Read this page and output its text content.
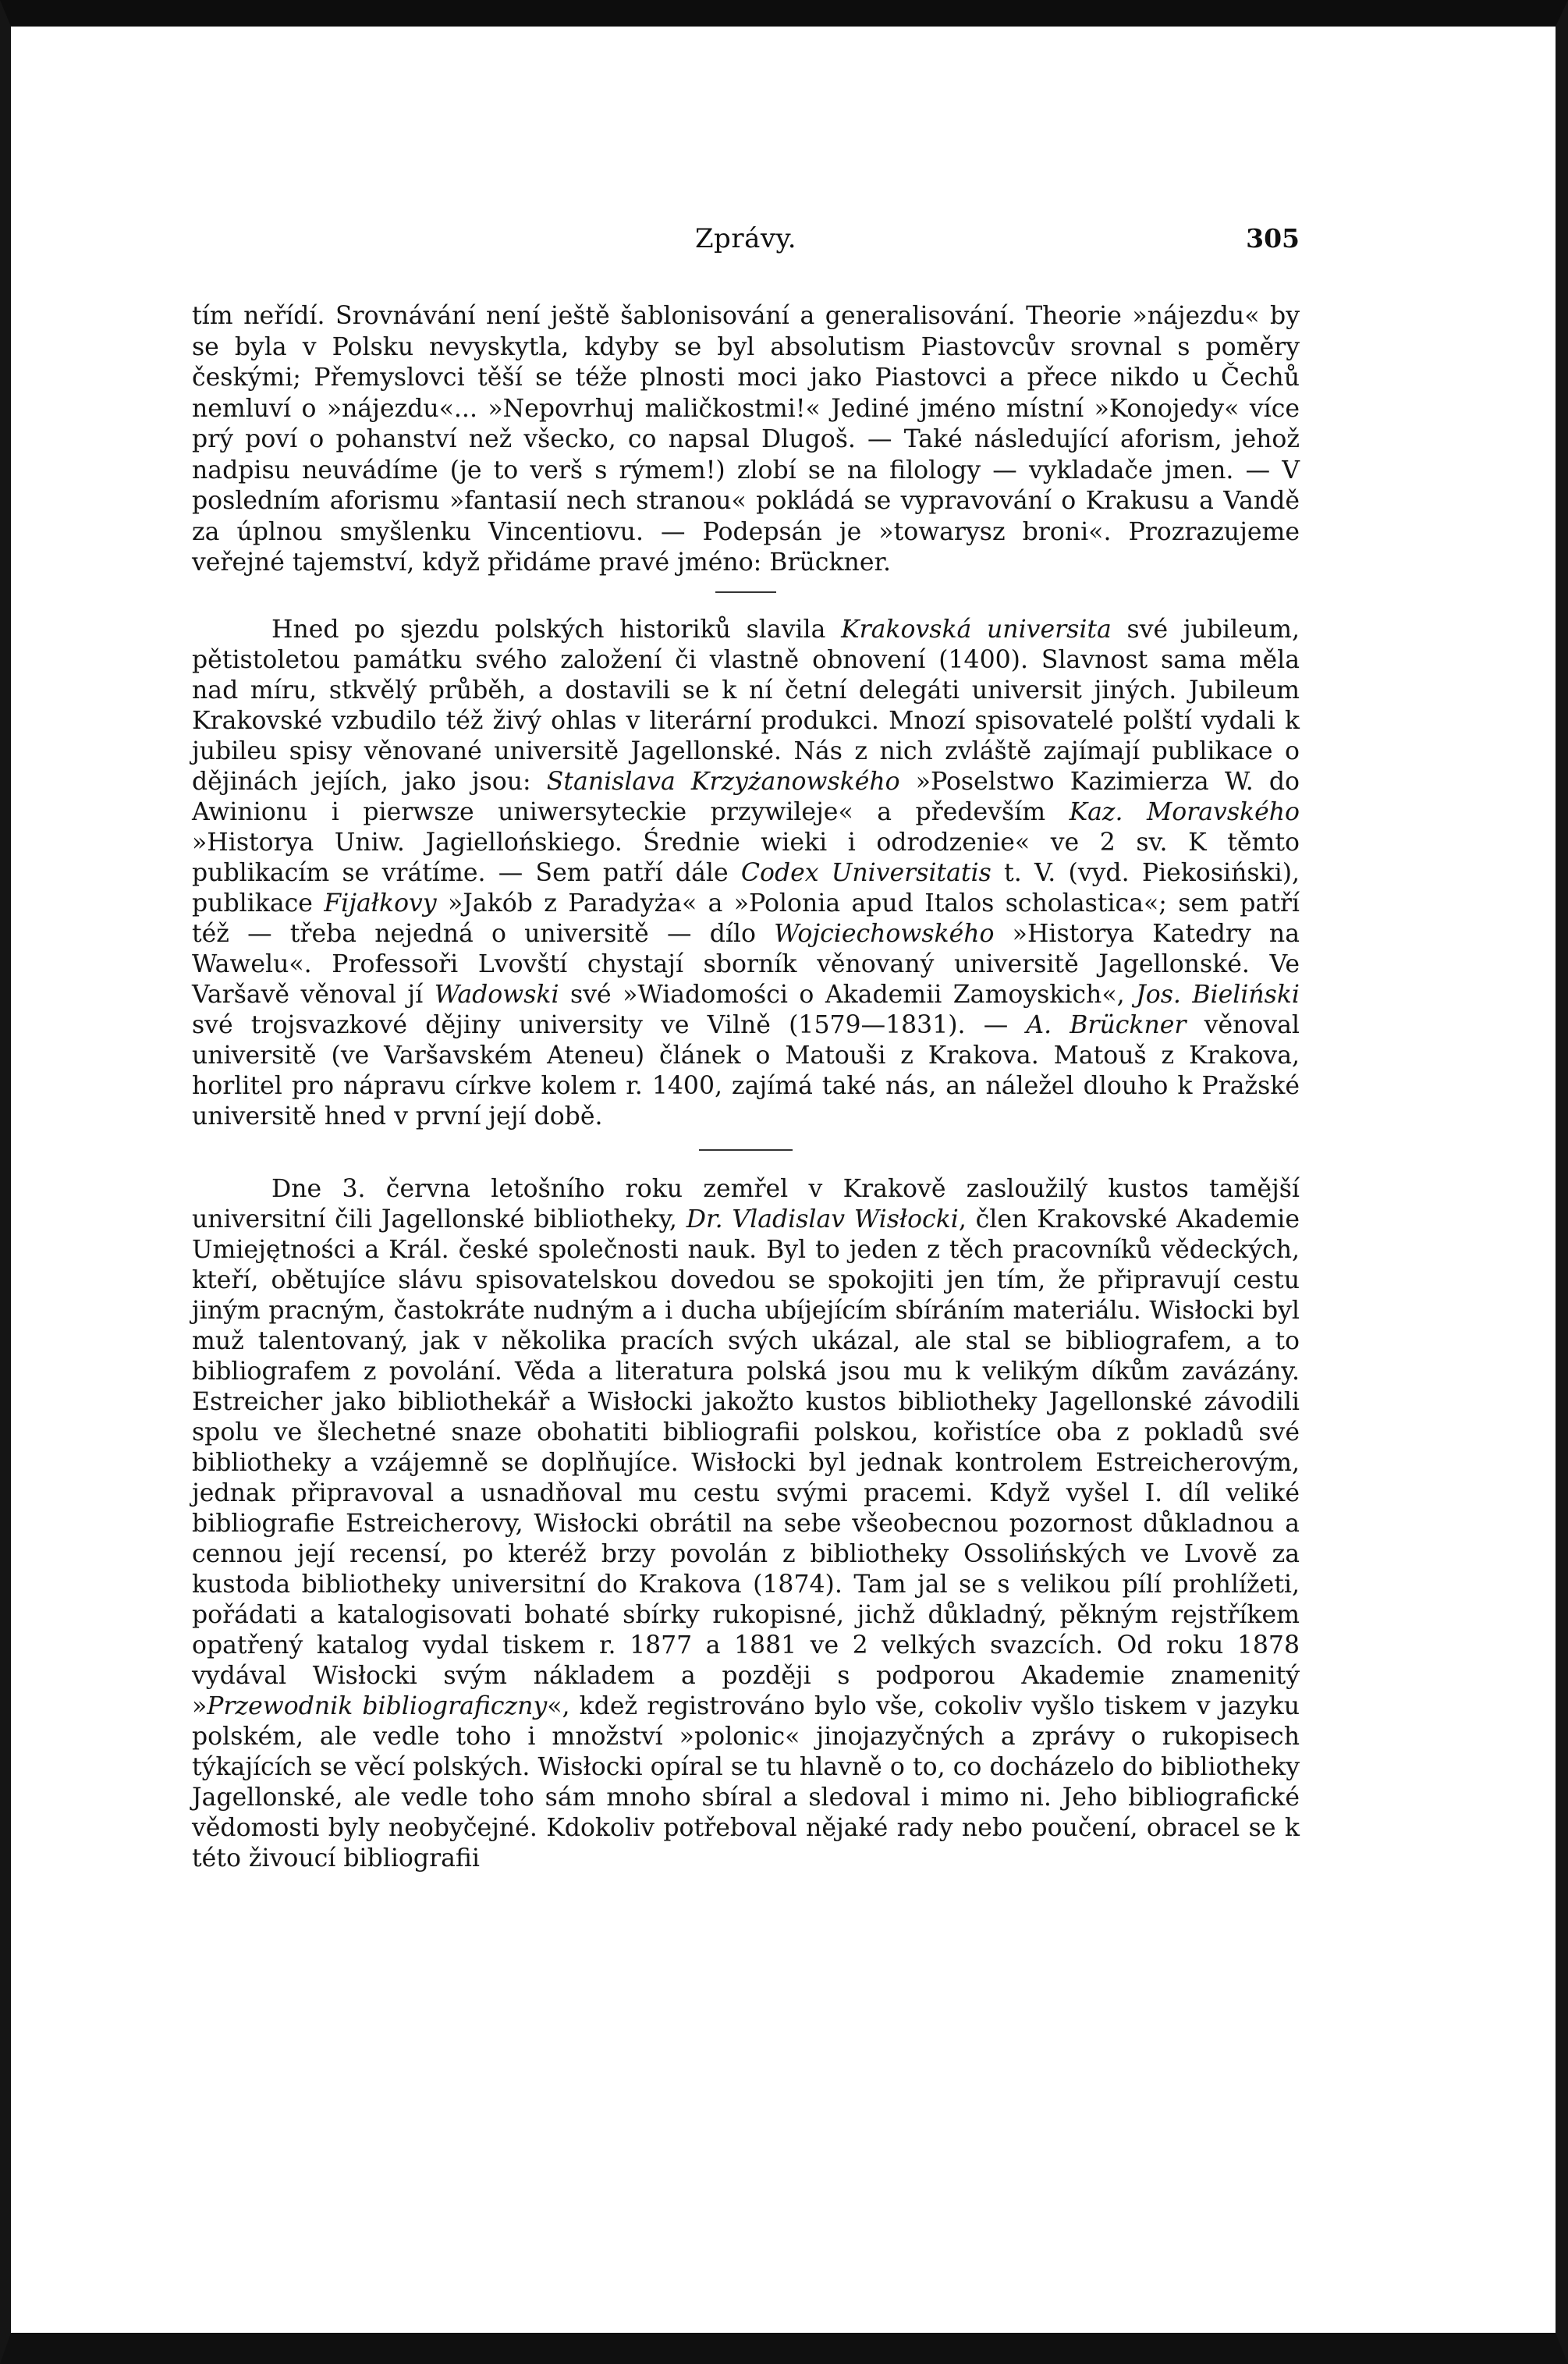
Zprávy.	305

tím neřídí. Srovnávání není ještě šablonisování a generalisování. Theorie »nájezdu« by se byla v Polsku nevyskytla, kdyby se byl absolutism Piastovcův srovnal s poměry českými; Přemyslovci těší se téže plnosti moci jako Piastovci a přece nikdo u Čechů nemluví o »nájezdu«... »Nepovrhuj maličkostmi!« Jediné jméno místní »Konojedy« více prý poví o pohanství než všecko, co napsal Dlugoš. — Také následující aforism, jehož nadpisu neuvádíme (je to verš s rýmem!) zlobí se na filology — vykladače jmen. — V posledním aforismu »fantasií nech stranou« pokládá se vypravování o Krakusu a Vandě za úplnou smyšlenku Vincentiovu. — Podepsán je »towarysz broni«. Prozrazujeme veřejné tajemství, když přidáme pravé jméno: Brückner.

Hned po sjezdu polských historiků slavila Krakovská universita své jubileum, pětistoletou památku svého založení či vlastně obnovení (1400). Slavnost sama měla nad míru, stkvělý průběh, a dostavili se k ní četní delegáti universit jiných. Jubileum Krakovské vzbudilo též živý ohlas v literární produkci. Mnozí spisovatelé polští vydali k jubileu spisy věnované universitě Jagellonské. Nás z nich zvláště zajímají publikace o dějinách jejích, jako jsou: Stanislava Krzyżanowského »Poselstwo Kazimierza W. do Awinionu i pierwsze uniwersyteckie przywileje« a především Kaz. Moravského »Historya Uniw. Jagiellońskiego. Średnie wieki i odrodzenie« ve 2 sv. K těmto publikacím se vrátíme. — Sem patří dále Codex Universitatis t. V. (vyd. Piekosiński), publikace Fijałkovy »Jakób z Paradyża« a »Polonia apud Italos scholastica«; sem patří též — třeba nejedná o universitě — dílo Wojciechowského »Historya Katedry na Wawelu«. Professoři Lvovští chystají sborník věnovaný universitě Jagellonské. Ve Varšavě věnoval jí Wadowski své »Wiadomości o Akademii Zamoyskich«, Jos. Bieliński své trojsvazkové dějiny university ve Vilně (1579—1831). — A. Brückner věnoval universitě (ve Varšavském Ateneu) článek o Matouši z Krakova. Matouš z Krakova, horlitel pro nápravu církve kolem r. 1400, zajímá také nás, an náležel dlouho k Pražské universitě hned v první její době.

Dne 3. června letošního roku zemřel v Krakově zasloužilý kustos tamější universitní čili Jagellonské bibliotheky, Dr. Vladislav Wisłocki, člen Krakovské Akademie Umiejętności a Král. české společnosti nauk. Byl to jeden z těch pracovníků vědeckých, kteří, obětujíce slávu spisovatelskou dovedou se spokojiti jen tím, že připravují cestu jiným pracným, častokráte nudným a i ducha ubíjejícím sbíráním materiálu. Wisłocki byl muž talentovaný, jak v několika pracích svých ukázal, ale stal se bibliografem, a to bibliografem z povolání. Věda a literatura polská jsou mu k velikým díkům zavázány. Estreicher jako bibliothekář a Wisłocki jakožto kustos bibliotheky Jagellonské závodili spolu ve šlechetné snaze obohatiti bibliografii polskou, kořistíce oba z pokladů své bibliotheky a vzájemně se doplňujíce. Wisłocki byl jednak kontrolem Estreicherovým, jednak připravoval a usnadňoval mu cestu svými pracemi. Když vyšel I. díl veliké bibliografie Estreicherovy, Wisłocki obrátil na sebe všeobecnou pozornost důkladnou a cennou její recensí, po kteréž brzy povolán z bibliotheky Ossolińských ve Lvově za kustoda bibliotheky universitní do Krakova (1874). Tam jal se s velikou pílí prohlížeti, pořádati a katalogisovati bohaté sbírky rukopisné, jichž důkladný, pěkným rejstříkem opatřený katalog vydal tiskem r. 1877 a 1881 ve 2 velkých svazcích. Od roku 1878 vydával Wisłocki svým nákladem a později s podporou Akademie znamenitý »Przewodnik bibliograficzny«, kdež registrováno bylo vše, cokoliv vyšlo tiskem v jazyku polském, ale vedle toho i množství »polonic« jinojazyčných a zprávy o rukopisech týkajících se věcí polských. Wisłocki opíral se tu hlavně o to, co docházelo do bibliotheky Jagellonské, ale vedle toho sám mnoho sbíral a sledoval i mimo ni. Jeho bibliografické vědomosti byly neobyčejné. Kdokoliv potřeboval nějaké rady nebo poučení, obracel se k této živoucí bibliografii
